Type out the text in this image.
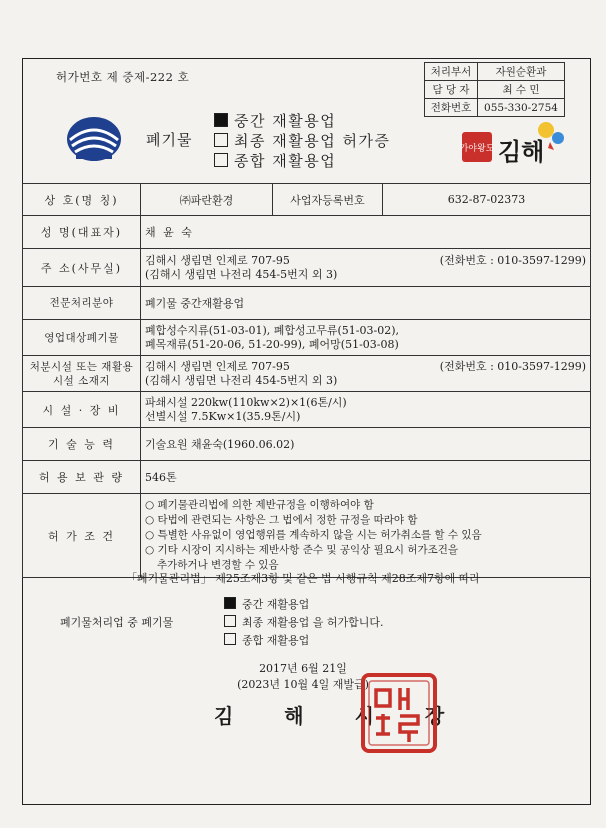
허가번호 제 중제-222 호	처리부서	자원순환과
담 당 자	최 수 민
전화번호	055-330-2754
폐기물
중간 재활용업
최종 재활용업 허가증
종합 재활용업
가야왕도 김해
상 호(명 칭)	㈜파란환경	사업자등록번호	632-87-02373
성 명(대표자)	채 윤 숙		
주 소(사무실)	김해시 생림면 인제로 707-95 (전화번호 : 010-3597-1299)
(김해시 생림면 나전리 454-5번지 외 3)		

전문처리분야	폐기물 중간재활용업		
영업대상폐기물	폐합성수지류(51-03-01), 폐합성고무류(51-03-02),
폐목재류(51-20-06, 51-20-99), 폐어망(51-03-08)		

처분시설 또는 재활용 시설 소재지	김해시 생림면 인제로 707-95 (전화번호 : 010-3597-1299)
(김해시 생림면 나전리 454-5번지 외 3)		

시 설 · 장 비	파쇄시설 220kw(110kw×2)×1(6톤/시)
선별시설 7.5Kw×1(35.9톤/시)		

기 술 능 력	기술요원 채윤숙(1960.06.02)		
허 용 보 관 량	546톤		
허 가 조 건	○ 폐기물관리법에 의한 제반규정을 이행하여야 함
○ 타법에 관련되는 사항은 그 법에서 정한 규정을 따라야 함
○ 특별한 사유없이 영업행위를 계속하지 않을 시는 허가취소를 할 수 있음
○ 기타 시장이 지시하는 제반사항 준수 및 공익상 필요시 허가조건을
추가하거나 변경할 수 있음		
「폐기물관리법」 제25조제3항 및 같은 법 시행규칙 제28조제7항에 따라
폐기물처리업 중 폐기물
중간 재활용업
최종 재활용업 을 허가합니다.
종합 재활용업
2017년 6월 21일
(2023년 10월 4일 재발급)
김 해 시 장
